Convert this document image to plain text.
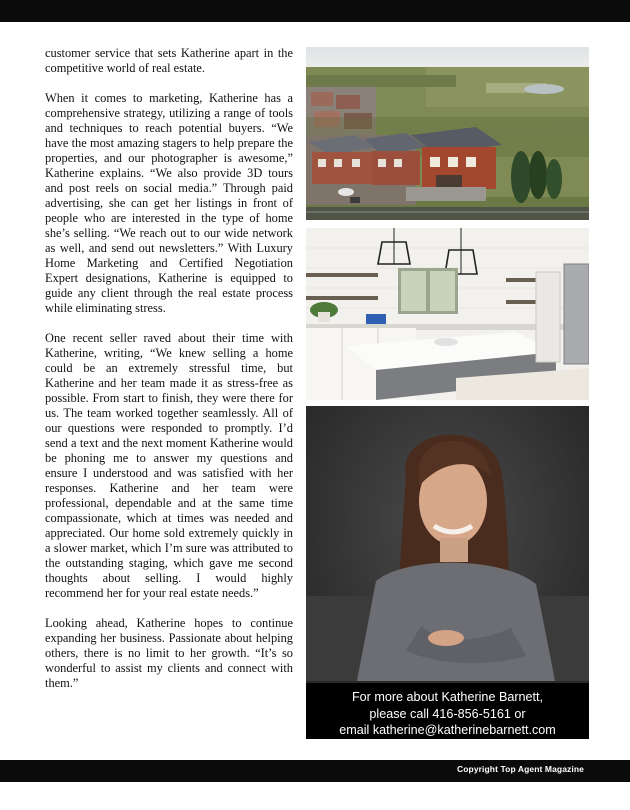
customer service that sets Katherine apart in the competitive world of real estate.

When it comes to marketing, Katherine has a comprehensive strategy, utilizing a range of tools and techniques to reach potential buyers. “We have the most amazing stagers to help prepare the properties, and our photographer is awesome,” Katherine explains. “We also provide 3D tours and post reels on social media.” Through paid advertising, she can get her listings in front of people who are interested in the type of home she’s selling. “We reach out to our wide network as well, and send out newsletters.” With Luxury Home Marketing and Certified Negotiation Expert designations, Katherine is equipped to guide any client through the real estate process while eliminating stress.

One recent seller raved about their time with Katherine, writing, “We knew selling a home could be an extremely stressful time, but Katherine and her team made it as stress-free as possible. From start to finish, they were there for us. The team worked together seamlessly. All of our questions were responded to promptly. I’d send a text and the next moment Katherine would be phoning me to answer my questions and ensure I understood and was satisfied with her responses. Katherine and her team were professional, dependable and at the same time compassionate, which at times was needed and appreciated. Our home sold extremely quickly in a slower market, which I’m sure was attributed to the outstanding staging, which gave me second thoughts about selling. I would highly recommend her for your real estate needs.”

Looking ahead, Katherine hopes to continue expanding her business. Passionate about helping others, there is no limit to her growth. “It’s so wonderful to assist my clients and connect with them.”

For more about Katherine Barnett,
please call 416-856-5161 or
email katherine@katherinebarnett.com
Copyright Top Agent Magazine
